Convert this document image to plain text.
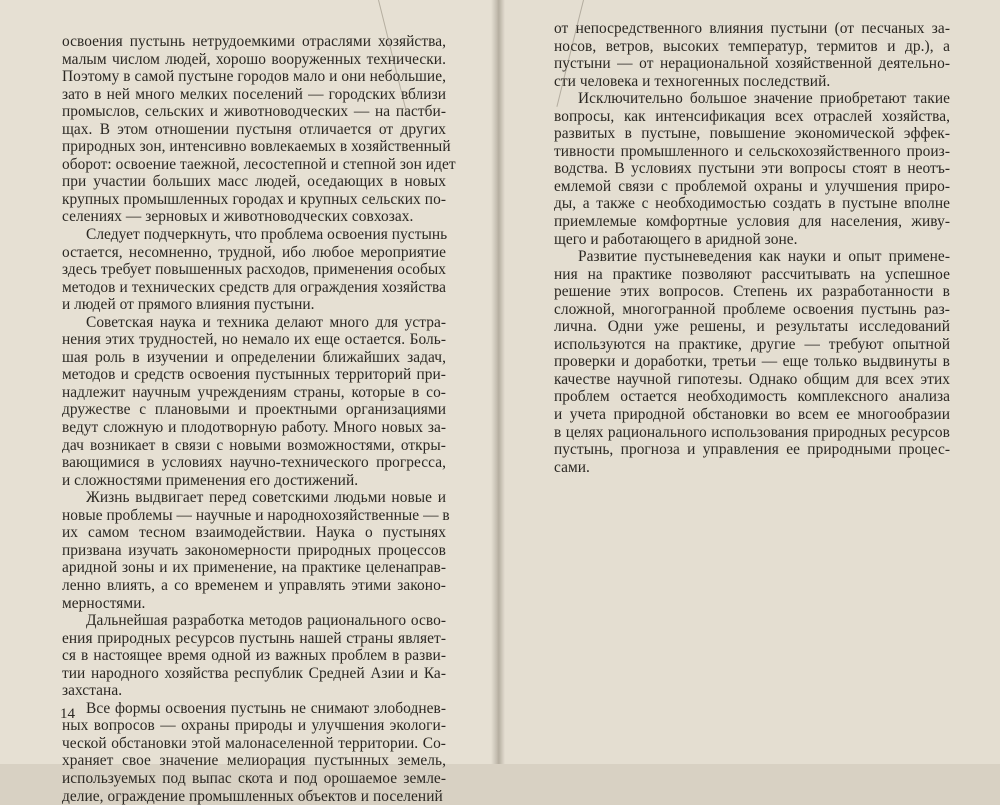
освоения пустынь нетрудоемкими отраслями хозяйства,
малым числом людей, хорошо вооруженных технически.
Поэтому в самой пустыне городов мало и они небольшие,
зато в ней много мелких поселений — городских вблизи
промыслов, сельских и животноводческих — на пастби-
щах. В этом отношении пустыня отличается от других
природных зон, интенсивно вовлекаемых в хозяйственный
оборот: освоение таежной, лесостепной и степной зон идет
при участии больших масс людей, оседающих в новых
крупных промышленных городах и крупных сельских по-
селениях — зерновых и животноводческих совхозах.
Следует подчеркнуть, что проблема освоения пустынь
остается, несомненно, трудной, ибо любое мероприятие
здесь требует повышенных расходов, применения особых
методов и технических средств для ограждения хозяйства
и людей от прямого влияния пустыни.
Советская наука и техника делают много для устра-
нения этих трудностей, но немало их еще остается. Боль-
шая роль в изучении и определении ближайших задач,
методов и средств освоения пустынных территорий при-
надлежит научным учреждениям страны, которые в со-
дружестве с плановыми и проектными организациями
ведут сложную и плодотворную работу. Много новых за-
дач возникает в связи с новыми возможностями, откры-
вающимися в условиях научно-технического прогресса,
и сложностями применения его достижений.
Жизнь выдвигает перед советскими людьми новые и
новые проблемы — научные и народнохозяйственные — в
их самом тесном взаимодействии. Наука о пустынях
призвана изучать закономерности природных процессов
аридной зоны и их применение, на практике целенаправ-
ленно влиять, а со временем и управлять этими законо-
мерностями.
Дальнейшая разработка методов рационального осво-
ения природных ресурсов пустынь нашей страны являет-
ся в настоящее время одной из важных проблем в разви-
тии народного хозяйства республик Средней Азии и Ка-
захстана.
Все формы освоения пустынь не снимают злободнев-
ных вопросов — охраны природы и улучшения экологи-
ческой обстановки этой малонаселенной территории. Со-
храняет свое значение мелиорация пустынных земель,
используемых под выпас скота и под орошаемое земле-
делие, ограждение промышленных объектов и поселений
14
от непосредственного влияния пустыни (от песчаных за-
носов, ветров, высоких температур, термитов и др.), а
пустыни — от нерациональной хозяйственной деятельно-
сти человека и техногенных последствий.
Исключительно большое значение приобретают такие
вопросы, как интенсификация всех отраслей хозяйства,
развитых в пустыне, повышение экономической эффек-
тивности промышленного и сельскохозяйственного произ-
водства. В условиях пустыни эти вопросы стоят в неотъ-
емлемой связи с проблемой охраны и улучшения приро-
ды, а также с необходимостью создать в пустыне вполне
приемлемые комфортные условия для населения, живу-
щего и работающего в аридной зоне.
Развитие пустыневедения как науки и опыт примене-
ния на практике позволяют рассчитывать на успешное
решение этих вопросов. Степень их разработанности в
сложной, многогранной проблеме освоения пустынь раз-
лична. Одни уже решены, и результаты исследований
используются на практике, другие — требуют опытной
проверки и доработки, третьи — еще только выдвинуты в
качестве научной гипотезы. Однако общим для всех этих
проблем остается необходимость комплексного анализа
и учета природной обстановки во всем ее многообразии
в целях рационального использования природных ресурсов
пустынь, прогноза и управления ее природными процес-
сами.
